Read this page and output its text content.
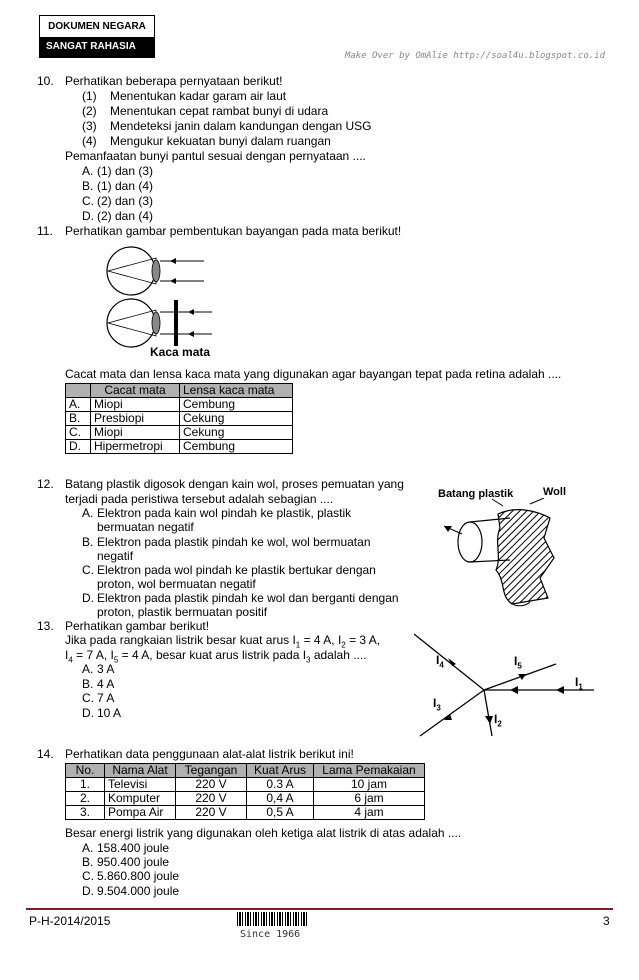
DOKUMEN NEGARA
SANGAT RAHASIA
Make Over by OmAlie http://soal4u.blogspot.co.id
10. Perhatikan beberapa pernyataan berikut!
(1) Menentukan kadar garam air laut
(2) Menentukan cepat rambat bunyi di udara
(3) Mendeteksi janin dalam kandungan dengan USG
(4) Mengukur kekuatan bunyi dalam ruangan
Pemanfaatan bunyi pantul sesuai dengan pernyataan ....
A. (1) dan (3)
B. (1) dan (4)
C. (2) dan (3)
D. (2) dan (4)
11. Perhatikan gambar pembentukan bayangan pada mata berikut!
Kaca mata
Cacat mata dan lensa kaca mata yang digunakan agar bayangan tepat pada retina adalah ....
	Cacat mata	Lensa kaca mata
A.	Miopi	Cembung
B.	Presbiopi	Cekung
C.	Miopi	Cekung
D.	Hipermetropi	Cembung
12. Batang plastik digosok dengan kain wol, proses pemuatan yang
terjadi pada peristiwa tersebut adalah sebagian ....
A. Elektron pada kain wol pindah ke plastik, plastik
bermuatan negatif
B. Elektron pada plastik pindah ke wol, wol bermuatan
negatif
C. Elektron pada wol pindah ke plastik bertukar dengan
proton, wol bermuatan negatif
D. Elektron pada plastik pindah ke wol dan berganti dengan
proton, plastik bermuatan positif
Batang plastik	Woll
13. Perhatikan gambar berikut!
Jika pada rangkaian listrik besar kuat arus $I_1 = 4$ A, $I_2 = 3$ A,
$I_4 = 7$ A, $I_5 = 4$ A, besar kuat arus listrik pada $I_3$ adalah ....
A. 3 A
B. 4 A
C. 7 A
D. 10 A
$I_4$	$I_5$
$I_1$
$I_3$
$I_2$
14. Perhatikan data penggunaan alat-alat listrik berikut ini!
No.	Nama Alat	Tegangan	Kuat Arus	Lama Pemakaian
1.	Televisi	220 V	0.3 A	10 jam
2.	Komputer	220 V	0,4 A	6 jam
3.	Pompa Air	220 V	0,5 A	4 jam
Besar energi listrik yang digunakan oleh ketiga alat listrik di atas adalah ....
A. 158.400 joule
B. 950.400 joule
C. 5.860.800 joule
D. 9.504.000 joule
P-H-2014/2015
Since 1966
3
